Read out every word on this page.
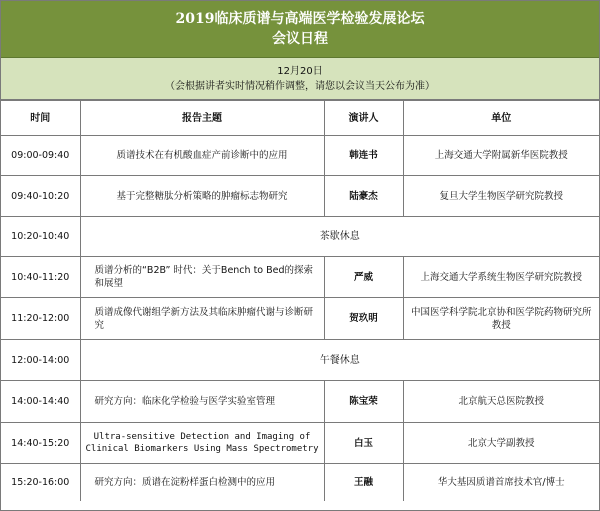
2019临床质谱与高端医学检验发展论坛
会议日程
12月20日
（会根据讲者实时情况稍作调整，请您以会议当天公布为准）
时间	报告主题	演讲人	单位
09:00-09:40	质谱技术在有机酸血症产前诊断中的应用	韩连书	上海交通大学附属新华医院教授
09:40-10:20	基于完整糖肽分析策略的肿瘤标志物研究	陆豪杰	复旦大学生物医学研究院教授
10:20-10:40	茶歇休息		
10:40-11:20	质谱分析的“B2B” 时代：关于Bench to Bed的探索和展望	严威	上海交通大学系统生物医学研究院教授
11:20-12:00	质谱成像代谢组学新方法及其临床肿瘤代谢与诊断研究	贺玖明	中国医学科学院北京协和医学院药物研究所教授
12:00-14:00	午餐休息		
14:00-14:40	研究方向：临床化学检验与医学实验室管理	陈宝荣	北京航天总医院教授
14:40-15:20	Ultra-sensitive Detection and Imaging of Clinical Biomarkers Using Mass Spectrometry	白玉	北京大学副教授
15:20-16:00	研究方向：质谱在淀粉样蛋白检测中的应用	王融	华大基因质谱首席技术官/博士
